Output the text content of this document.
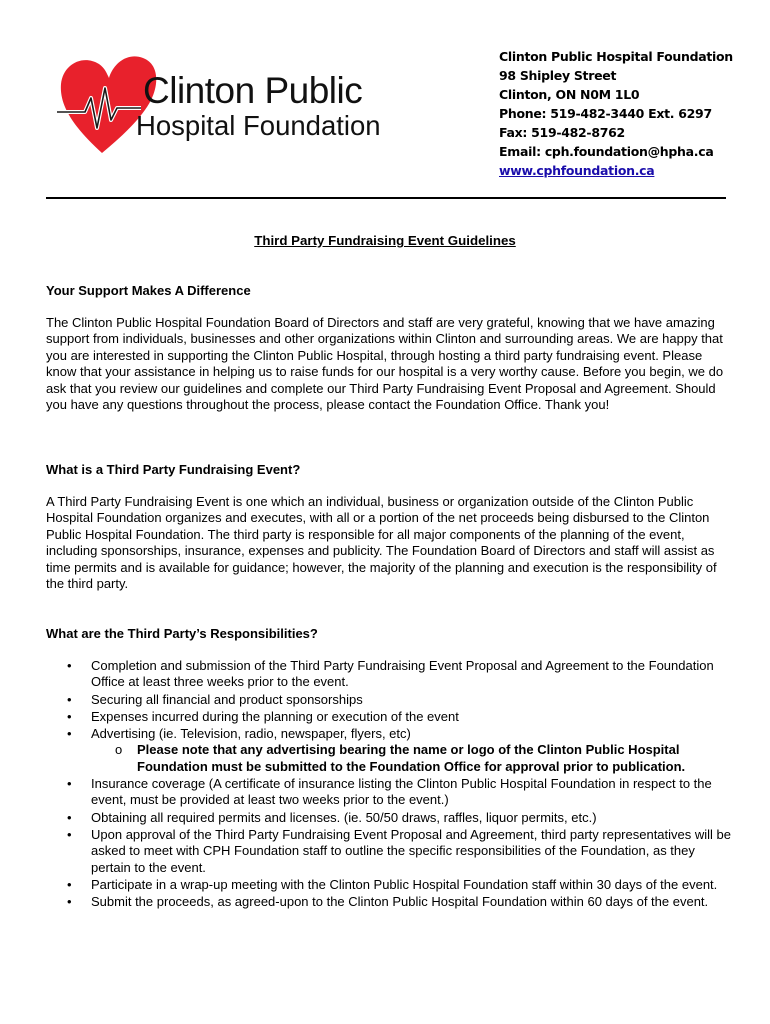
Clinton Public
Hospital Foundation
Clinton Public Hospital Foundation
98 Shipley Street
Clinton, ON N0M 1L0
Phone: 519-482-3440 Ext. 6297
Fax: 519-482-8762
Email: cph.foundation@hpha.ca
www.cphfoundation.ca
Third Party Fundraising Event Guidelines
Your Support Makes A Difference
The Clinton Public Hospital Foundation Board of Directors and staff are very grateful, knowing that we have amazing support from individuals, businesses and other organizations within Clinton and surrounding areas. We are happy that you are interested in supporting the Clinton Public Hospital, through hosting a third party fundraising event. Please know that your assistance in helping us to raise funds for our hospital is a very worthy cause. Before you begin, we do ask that you review our guidelines and complete our Third Party Fundraising Event Proposal and Agreement. Should you have any questions throughout the process, please contact the Foundation Office. Thank you!
What is a Third Party Fundraising Event?
A Third Party Fundraising Event is one which an individual, business or organization outside of the Clinton Public Hospital Foundation organizes and executes, with all or a portion of the net proceeds being disbursed to the Clinton Public Hospital Foundation. The third party is responsible for all major components of the planning of the event, including sponsorships, insurance, expenses and publicity. The Foundation Board of Directors and staff will assist as time permits and is available for guidance; however, the majority of the planning and execution is the responsibility of the third party.
What are the Third Party’s Responsibilities?
• Completion and submission of the Third Party Fundraising Event Proposal and Agreement to the Foundation Office at least three weeks prior to the event.
• Securing all financial and product sponsorships
• Expenses incurred during the planning or execution of the event
• Advertising (ie. Television, radio, newspaper, flyers, etc)
o Please note that any advertising bearing the name or logo of the Clinton Public Hospital Foundation must be submitted to the Foundation Office for approval prior to publication.
• Insurance coverage (A certificate of insurance listing the Clinton Public Hospital Foundation in respect to the event, must be provided at least two weeks prior to the event.)
• Obtaining all required permits and licenses. (ie. 50/50 draws, raffles, liquor permits, etc.)
• Upon approval of the Third Party Fundraising Event Proposal and Agreement, third party representatives will be asked to meet with CPH Foundation staff to outline the specific responsibilities of the Foundation, as they pertain to the event.
• Participate in a wrap-up meeting with the Clinton Public Hospital Foundation staff within 30 days of the event.
• Submit the proceeds, as agreed-upon to the Clinton Public Hospital Foundation within 60 days of the event.
